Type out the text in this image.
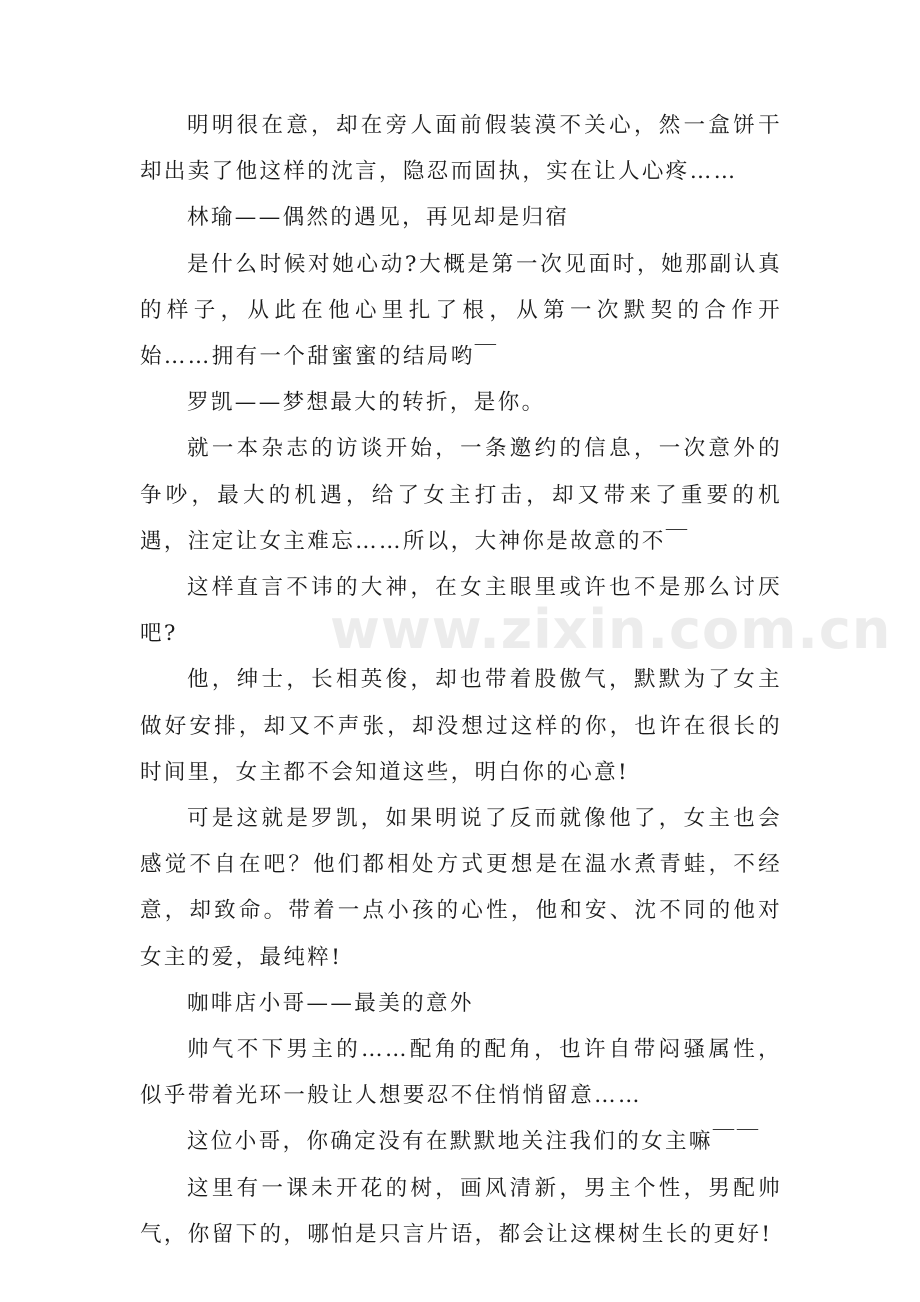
www.zixin.com.cn

明明很在意，却在旁人面前假装漠不关心，然一盒饼干却出卖了他这样的沈言，隐忍而固执，实在让人心疼……

林瑜——偶然的遇见，再见却是归宿

是什么时候对她心动?大概是第一次见面时，她那副认真的样子，从此在他心里扎了根，从第一次默契的合作开始……拥有一个甜蜜蜜的结局哟￣

罗凯——梦想最大的转折，是你。

就一本杂志的访谈开始，一条邀约的信息，一次意外的争吵，最大的机遇，给了女主打击，却又带来了重要的机遇，注定让女主难忘……所以，大神你是故意的不￣

这样直言不讳的大神，在女主眼里或许也不是那么讨厌吧?

他，绅士，长相英俊，却也带着股傲气，默默为了女主做好安排，却又不声张，却没想过这样的你，也许在很长的时间里，女主都不会知道这些，明白你的心意!

可是这就是罗凯，如果明说了反而就像他了，女主也会感觉不自在吧？他们都相处方式更想是在温水煮青蛙，不经意，却致命。带着一点小孩的心性，他和安、沈不同的他对女主的爱，最纯粹!

咖啡店小哥——最美的意外

帅气不下男主的……配角的配角，也许自带闷骚属性，似乎带着光环一般让人想要忍不住悄悄留意……

这位小哥，你确定没有在默默地关注我们的女主嘛￣￣

这里有一课未开花的树，画风清新，男主个性，男配帅气，你留下的，哪怕是只言片语，都会让这棵树生长的更好!
